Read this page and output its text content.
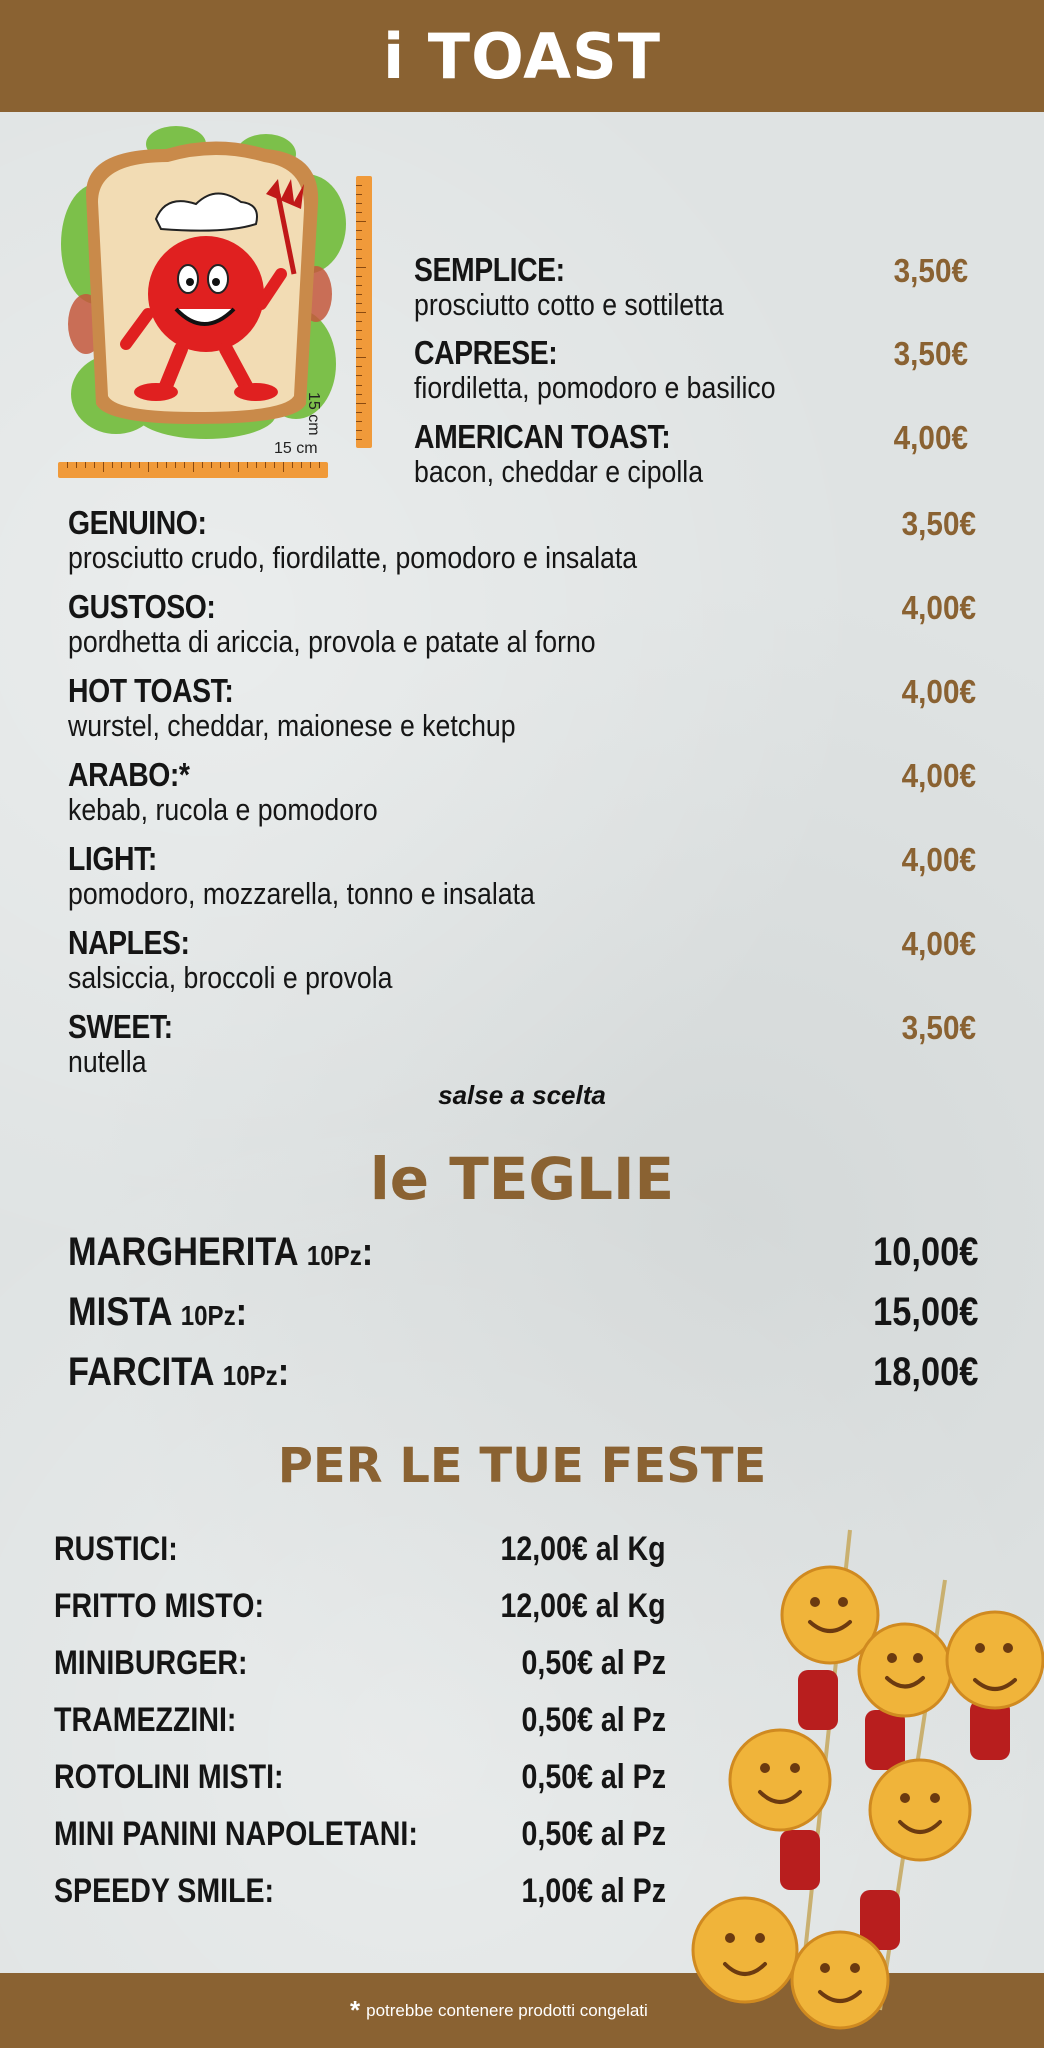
i TOAST
15 cm
15 cm
SEMPLICE:
prosciutto cotto e sottiletta
3,50€
CAPRESE:
fiordiletta, pomodoro e basilico
3,50€
AMERICAN TOAST:
bacon, cheddar e cipolla
4,00€
GENUINO:
prosciutto crudo, fiordilatte, pomodoro e insalata
3,50€
GUSTOSO:
pordhetta di ariccia, provola e patate al forno
4,00€
HOT TOAST:
wurstel, cheddar, maionese e ketchup
4,00€
ARABO:*
kebab, rucola e pomodoro
4,00€
LIGHT:
pomodoro, mozzarella, tonno e insalata
4,00€
NAPLES:
salsiccia, broccoli e provola
4,00€
SWEET:
nutella
3,50€
salse a scelta
le TEGLIE
MARGHERITA 10Pz:	10,00€
MISTA 10Pz:	15,00€
FARCITA 10Pz:	18,00€
PER LE TUE FESTE
RUSTICI:	12,00€ al Kg
FRITTO MISTO:	12,00€ al Kg
MINIBURGER:	0,50€ al Pz
TRAMEZZINI:	0,50€ al Pz
ROTOLINI MISTI:	0,50€ al Pz
MINI PANINI NAPOLETANI:	0,50€ al Pz
SPEEDY SMILE:	1,00€ al Pz
* potrebbe contenere prodotti congelati
